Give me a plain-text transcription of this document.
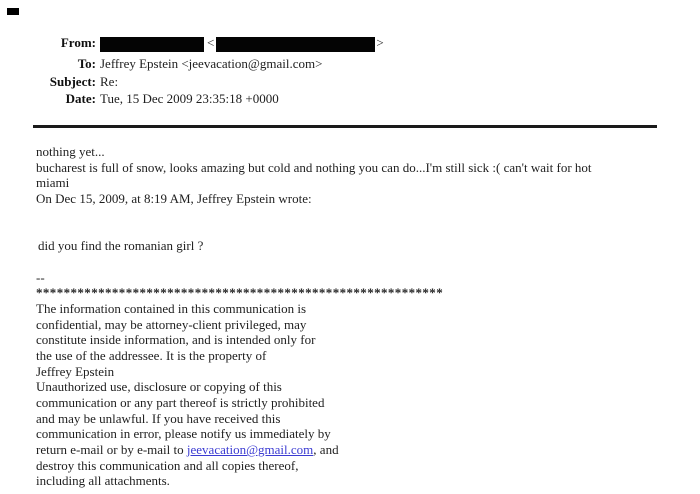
From:	<	>
To: Jeffrey Epstein <jeevacation@gmail.com>
Subject: Re:
Date: Tue, 15 Dec 2009 23:35:18 +0000
nothing yet...
bucharest is full of snow, looks amazing but cold and nothing you can do...I'm still sick :( can't wait for hot
miami
On Dec 15, 2009, at 8:19 AM, Jeffrey Epstein wrote:
did you find the romanian girl ?
--
***********************************************************
The information contained in this communication is
confidential, may be attorney-client privileged, may
constitute inside information, and is intended only for
the use of the addressee. It is the property of
Jeffrey Epstein
Unauthorized use, disclosure or copying of this
communication or any part thereof is strictly prohibited
and may be unlawful. If you have received this
communication in error, please notify us immediately by
return e-mail or by e-mail to jeevacation@gmail.com, and
destroy this communication and all copies thereof,
including all attachments.
